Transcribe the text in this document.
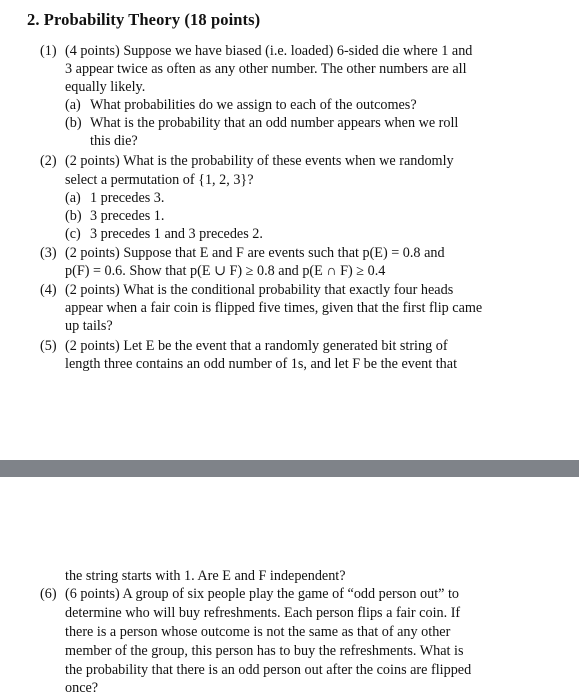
2. Probability Theory (18 points)
(1) (4 points) Suppose we have biased (i.e. loaded) 6-sided die where 1 and
3 appear twice as often as any other number. The other numbers are all
equally likely.
(a) What probabilities do we assign to each of the outcomes?
(b) What is the probability that an odd number appears when we roll
this die?
(2) (2 points) What is the probability of these events when we randomly
select a permutation of {1, 2, 3}?
(a) 1 precedes 3.
(b) 3 precedes 1.
(c) 3 precedes 1 and 3 precedes 2.
(3) (2 points) Suppose that E and F are events such that p(E) = 0.8 and
p(F) = 0.6. Show that p(E ∪ F) ≥ 0.8 and p(E ∩ F) ≥ 0.4
(4) (2 points) What is the conditional probability that exactly four heads
appear when a fair coin is flipped five times, given that the first flip came
up tails?
(5) (2 points) Let E be the event that a randomly generated bit string of
length three contains an odd number of 1s, and let F be the event that
the string starts with 1. Are E and F independent?
(6) (6 points) A group of six people play the game of “odd person out” to
determine who will buy refreshments. Each person flips a fair coin. If
there is a person whose outcome is not the same as that of any other
member of the group, this person has to buy the refreshments. What is
the probability that there is an odd person out after the coins are flipped
once?
